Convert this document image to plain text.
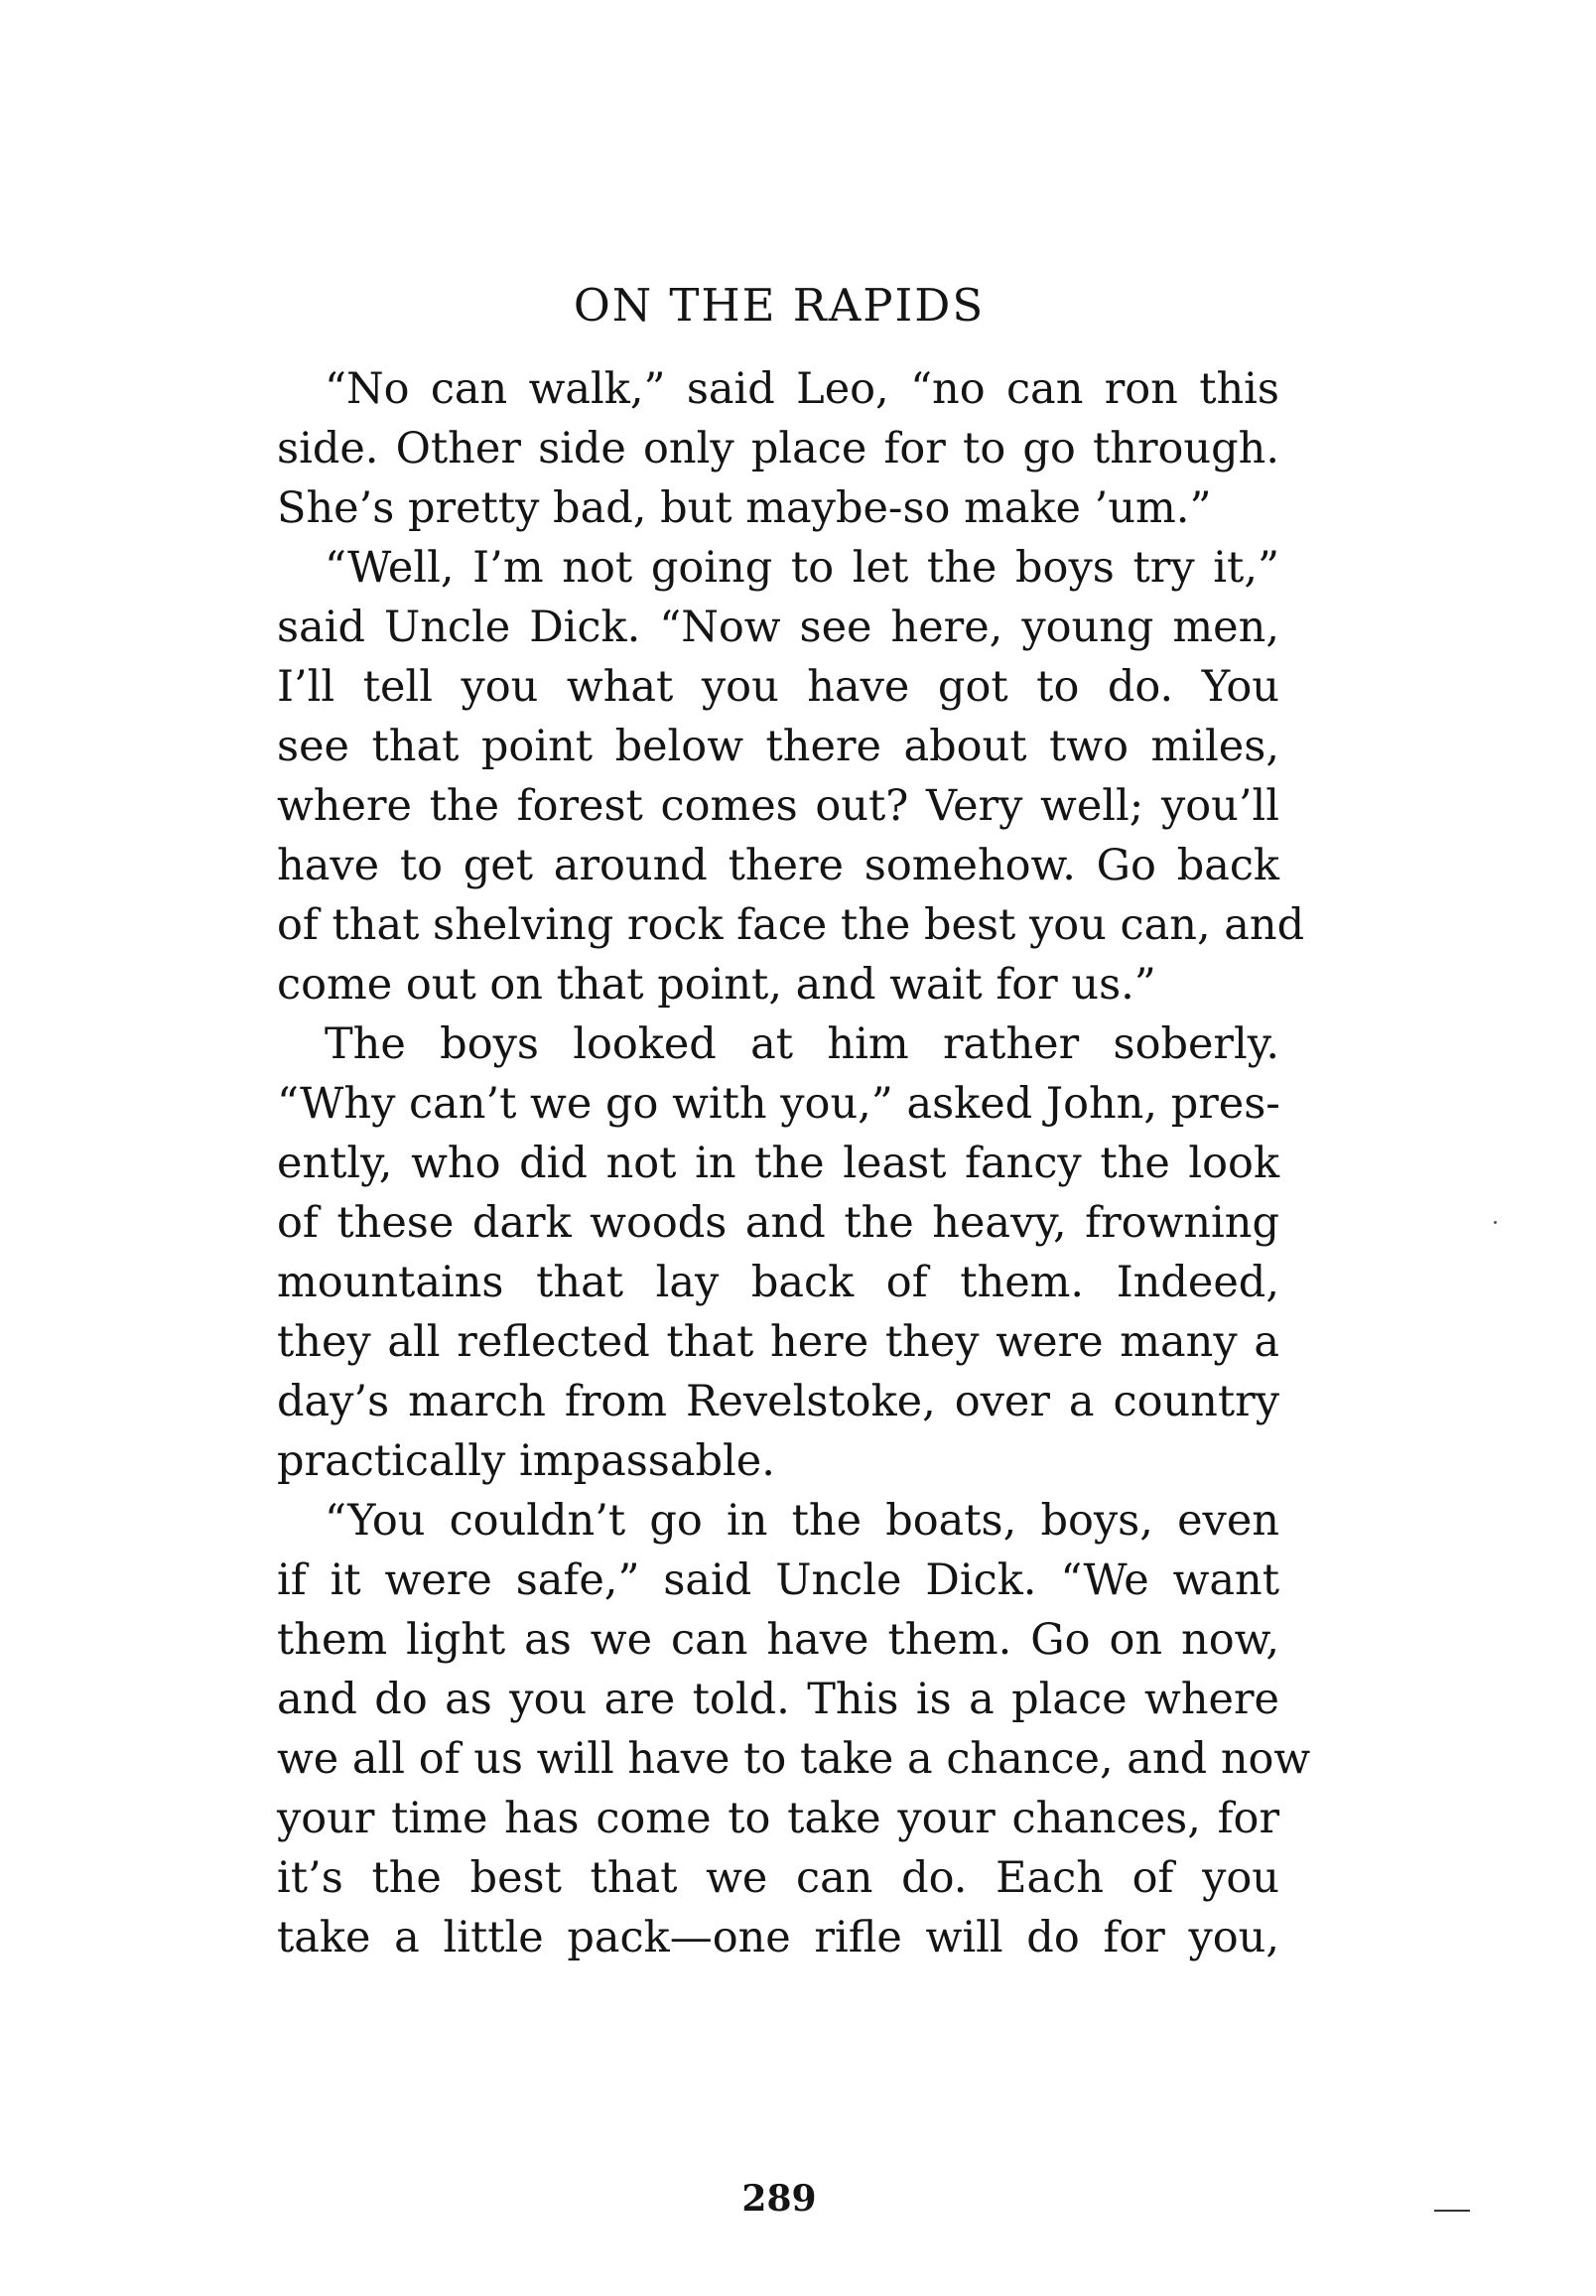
ON THE RAPIDS

“No can walk,” said Leo, “no can ron this
side. Other side only place for to go through.
She’s pretty bad, but maybe-so make ’um.”

“Well, I’m not going to let the boys try it,”
said Uncle Dick. “Now see here, young men,
I’ll tell you what you have got to do. You
see that point below there about two miles,
where the forest comes out? Very well; you’ll
have to get around there somehow. Go back
of that shelving rock face the best you can, and
come out on that point, and wait for us.”

The boys looked at him rather soberly.
“Why can’t we go with you,” asked John, pres-
ently, who did not in the least fancy the look
of these dark woods and the heavy, frowning
mountains that lay back of them. Indeed,
they all reflected that here they were many a
day’s march from Revelstoke, over a country
practically impassable.

“You couldn’t go in the boats, boys, even
if it were safe,” said Uncle Dick. “We want
them light as we can have them. Go on now,
and do as you are told. This is a place where
we all of us will have to take a chance, and now
your time has come to take your chances, for
it’s the best that we can do. Each of you
take a little pack—one rifle will do for you,

289
